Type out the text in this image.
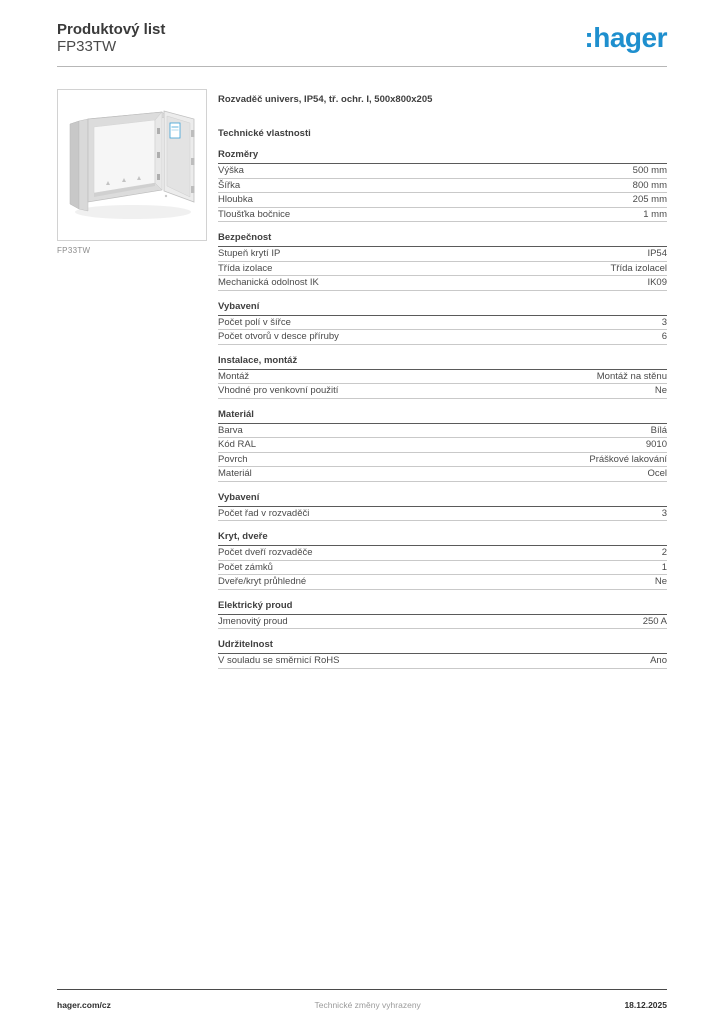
Produktový list
FP33TW	:hager
FP33TW
Rozvaděč univers, IP54, tř. ochr. I, 500x800x205
Technické vlastnosti
Rozměry
Výška	500 mm
Šířka	800 mm
Hloubka	205 mm
Tloušťka bočnice	1 mm
Bezpečnost
Stupeň krytí IP	IP54
Třída izolace	Třída izolacel
Mechanická odolnost IK	IK09
Vybavení
Počet polí v šířce	3
Počet otvorů v desce příruby	6
Instalace, montáž
Montáž	Montáž na stěnu
Vhodné pro venkovní použití	Ne
Materiál
Barva	Bílá
Kód RAL	9010
Povrch	Práškové lakování
Materiál	Ocel
Vybavení
Počet řad v rozvaděči	3
Kryt, dveře
Počet dveří rozvaděče	2
Počet zámků	1
Dveře/kryt průhledné	Ne
Elektrický proud
Jmenovitý proud	250 A
Udržitelnost
V souladu se směrnicí RoHS	Ano
hager.com/cz	Technické změny vyhrazeny	18.12.2025
